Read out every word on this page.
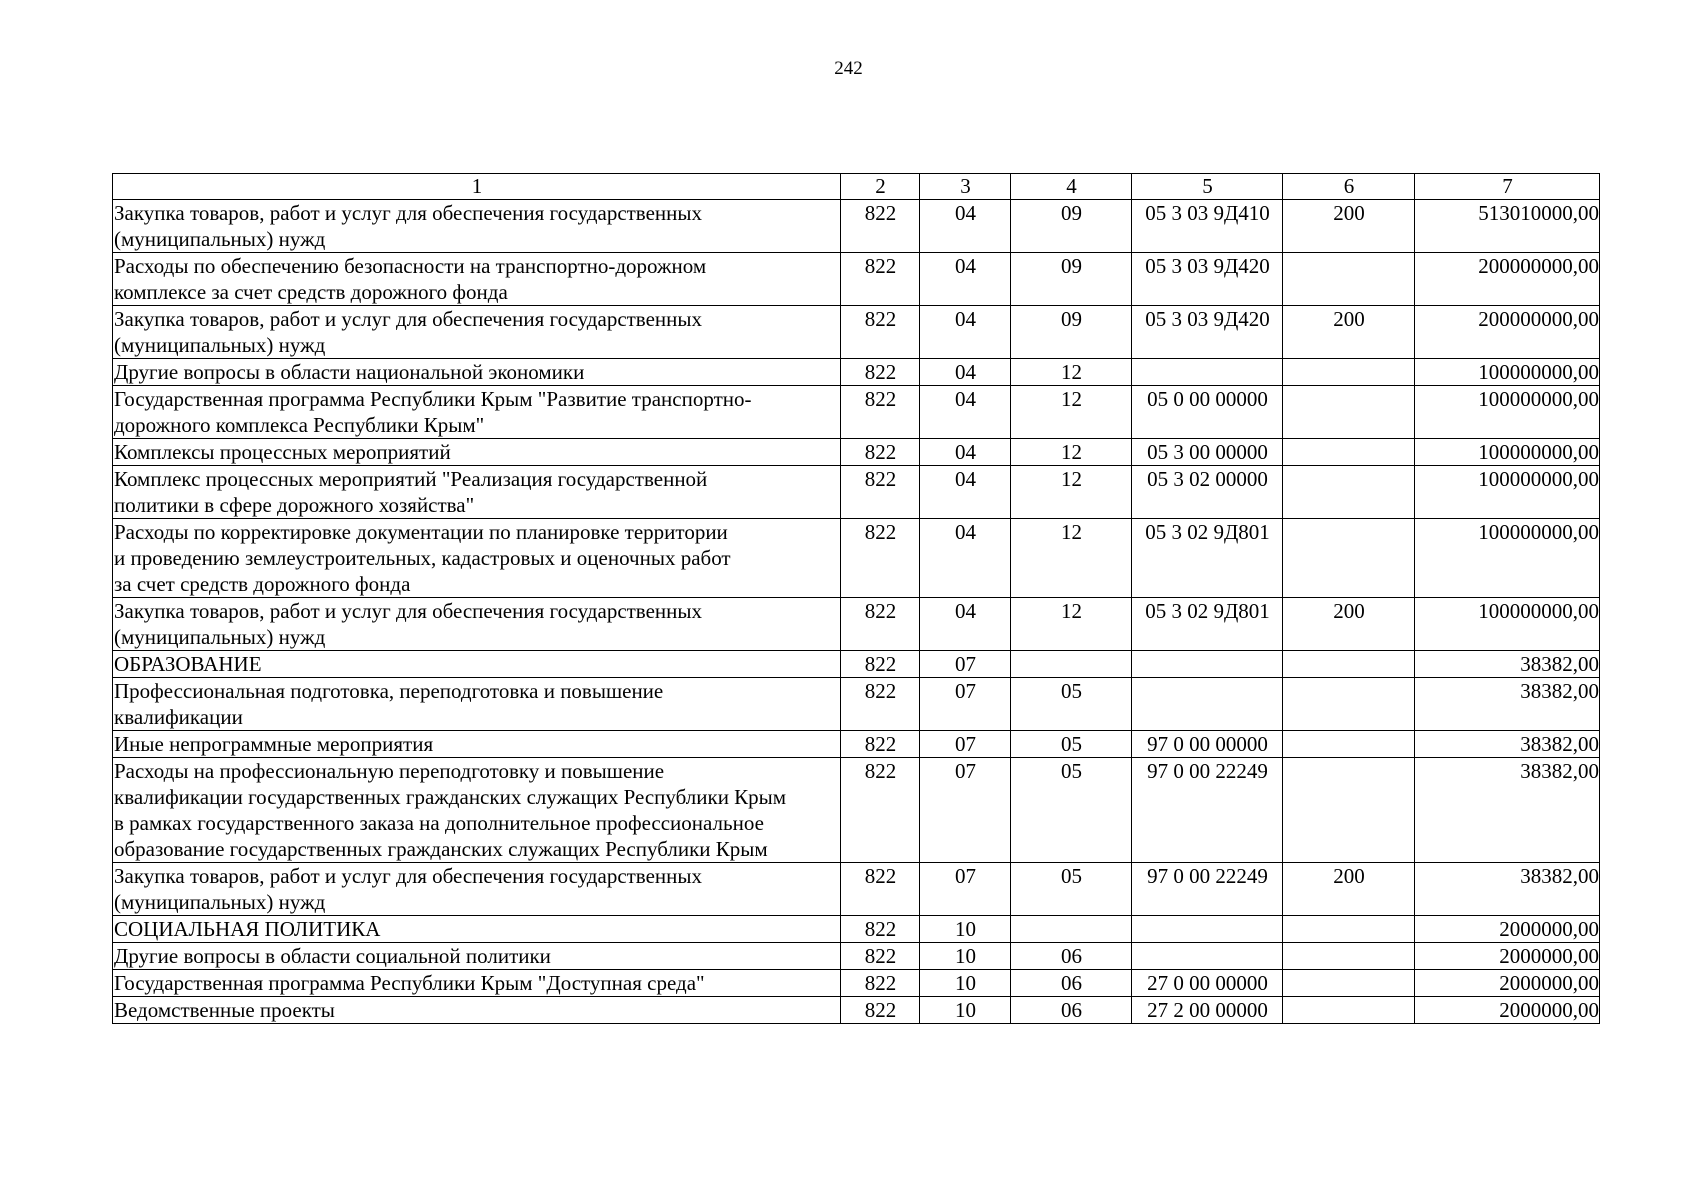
242
1	2	3	4	5	6	7

Закупка товаров, работ и услуг для обеспечения государственных
(муниципальных) нужд	822	04	09	05 3 03 9Д410	200	513010000,00

Расходы по обеспечению безопасности на транспортно-дорожном
комплексе за счет средств дорожного фонда	822	04	09	05 3 03 9Д420		200000000,00

Закупка товаров, работ и услуг для обеспечения государственных
(муниципальных) нужд	822	04	09	05 3 03 9Д420	200	200000000,00

Другие вопросы в области национальной экономики	822	04	12			100000000,00

Государственная программа Республики Крым "Развитие транспортно-
дорожного комплекса Республики Крым"	822	04	12	05 0 00 00000		100000000,00

Комплексы процессных мероприятий	822	04	12	05 3 00 00000		100000000,00

Комплекс процессных мероприятий "Реализация государственной
политики в сфере дорожного хозяйства"	822	04	12	05 3 02 00000		100000000,00

Расходы по корректировке документации по планировке территории
и проведению землеустроительных, кадастровых и оценочных работ
за счет средств дорожного фонда	822	04	12	05 3 02 9Д801		100000000,00

Закупка товаров, работ и услуг для обеспечения государственных
(муниципальных) нужд	822	04	12	05 3 02 9Д801	200	100000000,00

ОБРАЗОВАНИЕ	822	07				38382,00

Профессиональная подготовка, переподготовка и повышение
квалификации	822	07	05			38382,00

Иные непрограммные мероприятия	822	07	05	97 0 00 00000		38382,00

Расходы на профессиональную переподготовку и повышение
квалификации государственных гражданских служащих Республики Крым
в рамках государственного заказа на дополнительное профессиональное
образование государственных гражданских служащих Республики Крым	822	07	05	97 0 00 22249		38382,00

Закупка товаров, работ и услуг для обеспечения государственных
(муниципальных) нужд	822	07	05	97 0 00 22249	200	38382,00

СОЦИАЛЬНАЯ ПОЛИТИКА	822	10				2000000,00

Другие вопросы в области социальной политики	822	10	06			2000000,00

Государственная программа Республики Крым "Доступная среда"	822	10	06	27 0 00 00000		2000000,00

Ведомственные проекты	822	10	06	27 2 00 00000		2000000,00
